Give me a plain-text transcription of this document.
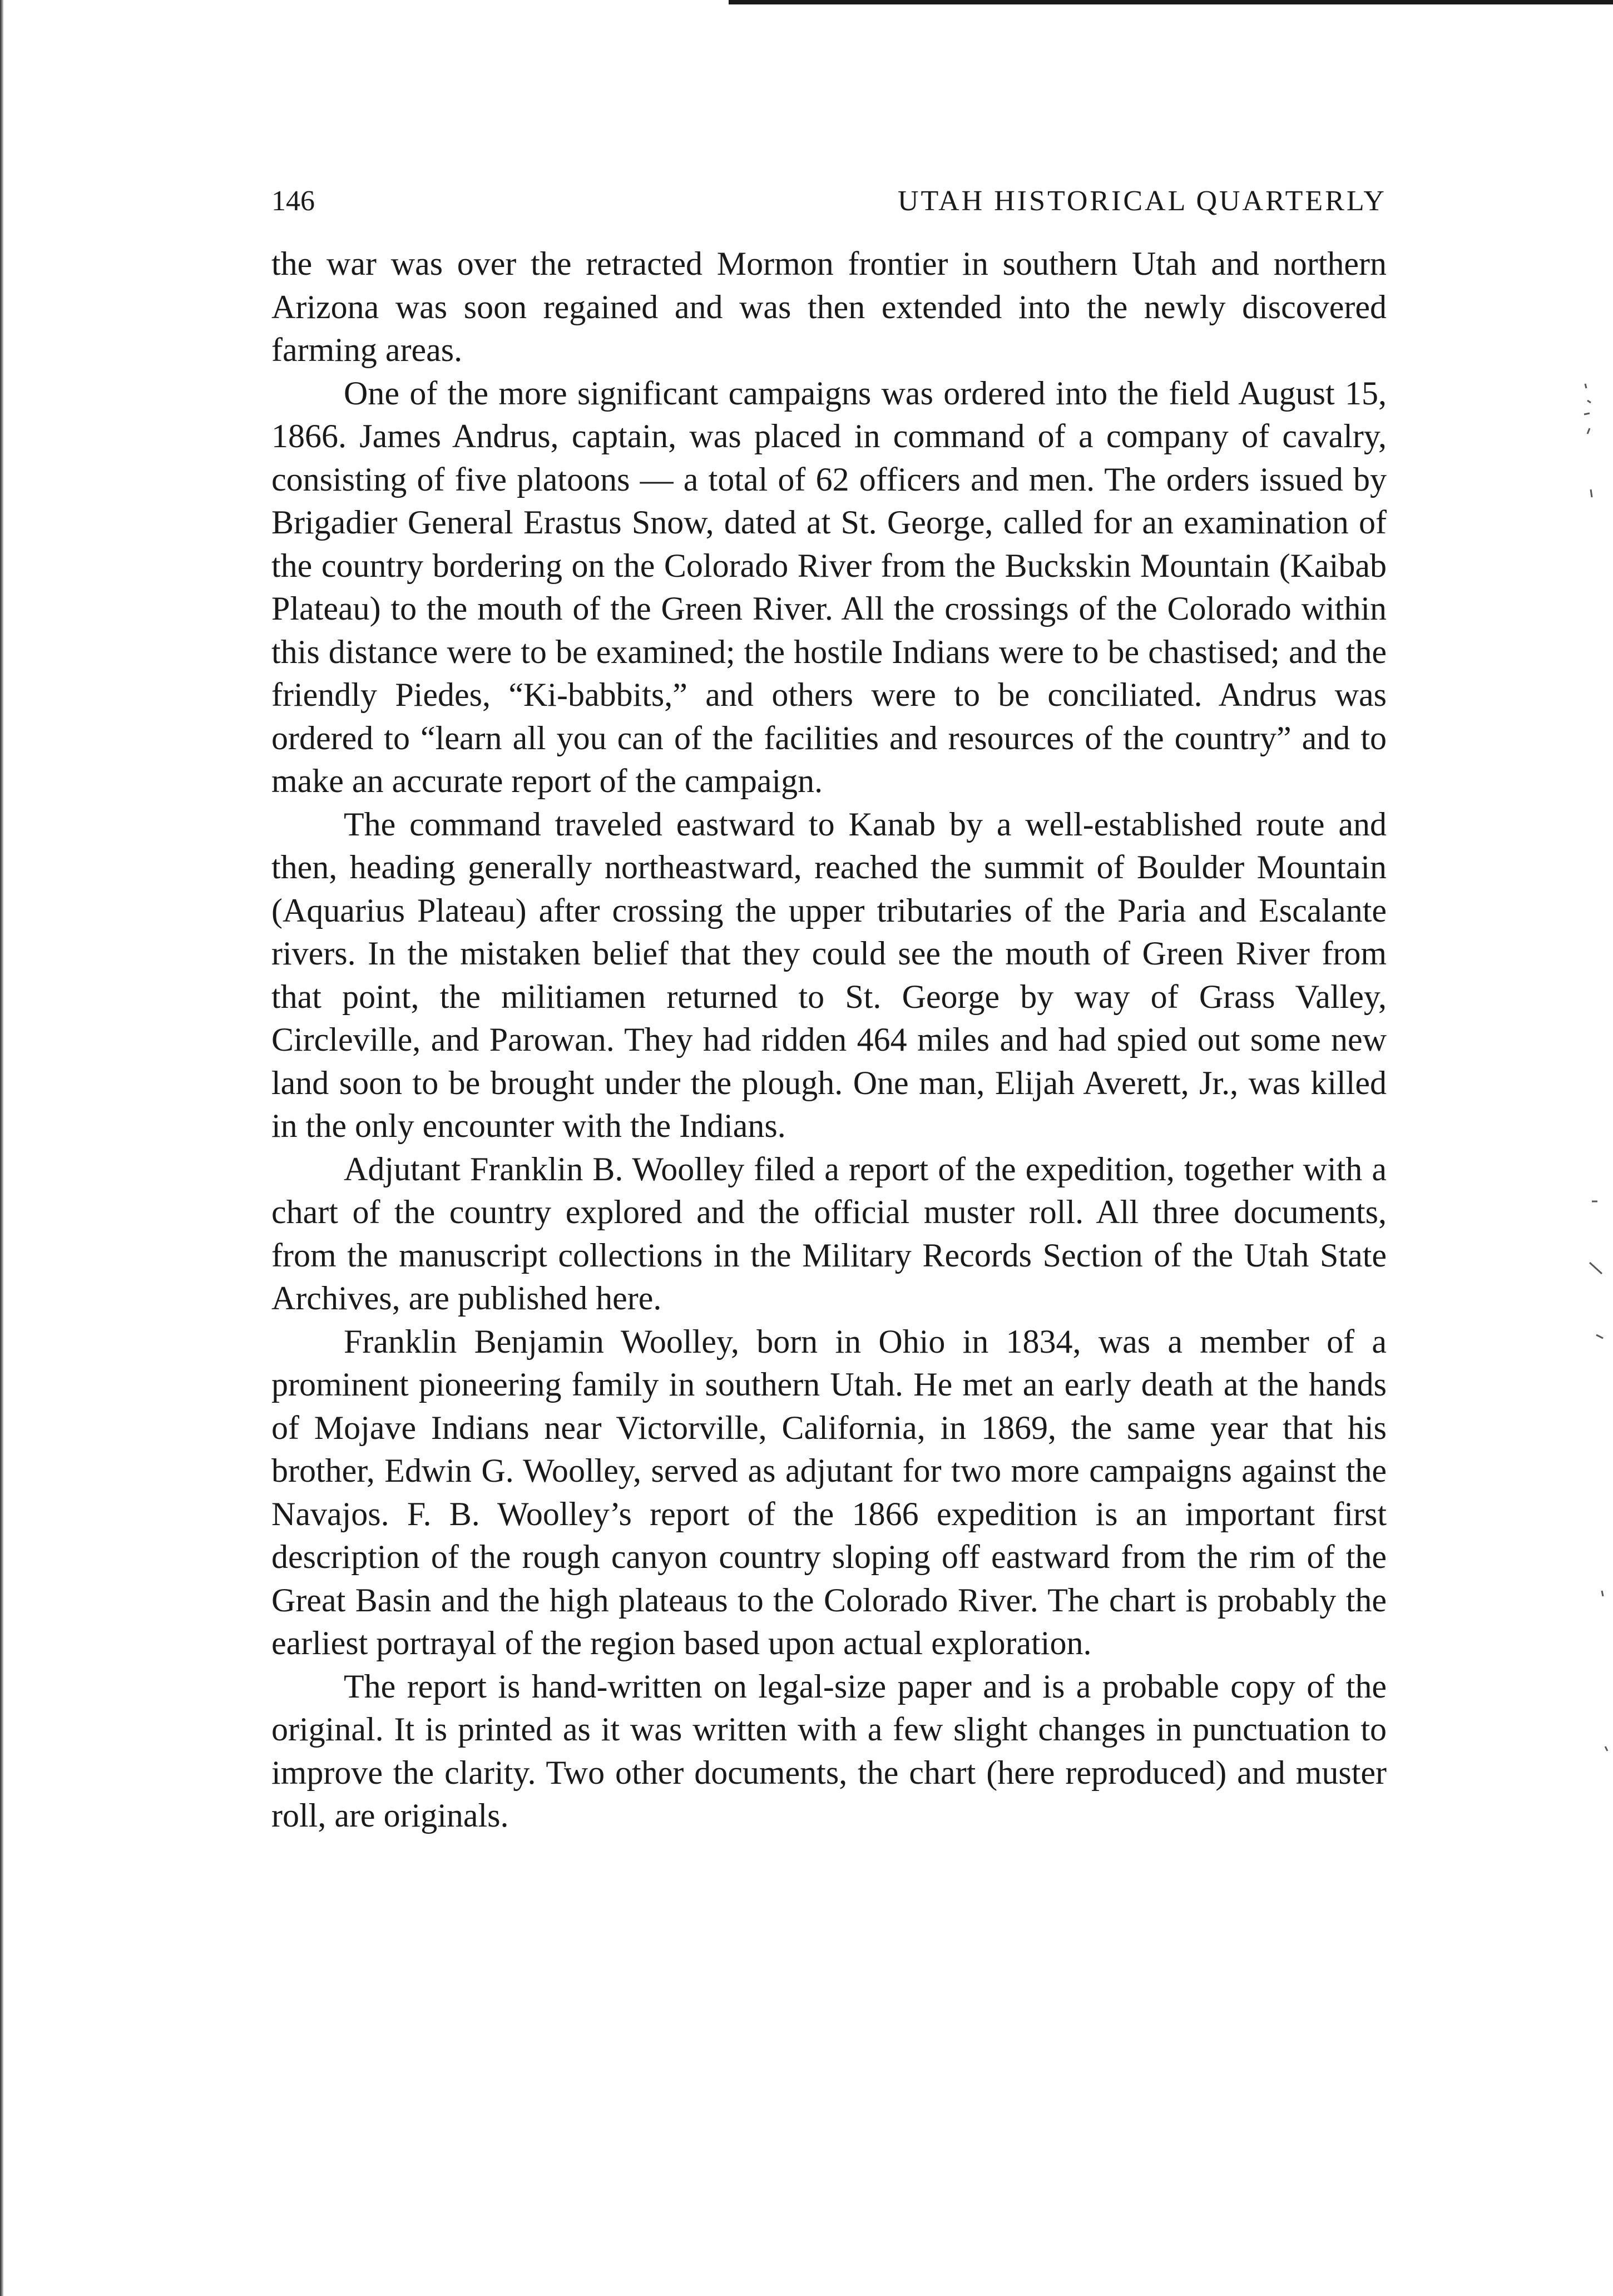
146	UTAH HISTORICAL QUARTERLY

the war was over the retracted Mormon frontier in southern Utah and northern Arizona was soon regained and was then extended into the newly discovered farming areas.

One of the more significant campaigns was ordered into the field August 15, 1866. James Andrus, captain, was placed in command of a company of cavalry, consisting of five platoons — a total of 62 officers and men. The orders issued by Brigadier General Erastus Snow, dated at St. George, called for an examination of the country bordering on the Colorado River from the Buckskin Mountain (Kaibab Plateau) to the mouth of the Green River. All the crossings of the Colorado within this distance were to be examined; the hostile Indians were to be chastised; and the friendly Piedes, “Ki-babbits,” and others were to be conciliated. Andrus was ordered to “learn all you can of the facilities and resources of the country” and to make an accurate report of the campaign.

The command traveled eastward to Kanab by a well-established route and then, heading generally northeastward, reached the summit of Boulder Mountain (Aquarius Plateau) after crossing the upper tributaries of the Paria and Escalante rivers. In the mistaken belief that they could see the mouth of Green River from that point, the militiamen returned to St. George by way of Grass Valley, Circleville, and Parowan. They had ridden 464 miles and had spied out some new land soon to be brought under the plough. One man, Elijah Averett, Jr., was killed in the only encounter with the Indians.

Adjutant Franklin B. Woolley filed a report of the expedition, together with a chart of the country explored and the official muster roll. All three documents, from the manuscript collections in the Military Records Section of the Utah State Archives, are published here.

Franklin Benjamin Woolley, born in Ohio in 1834, was a member of a prominent pioneering family in southern Utah. He met an early death at the hands of Mojave Indians near Victorville, California, in 1869, the same year that his brother, Edwin G. Woolley, served as adjutant for two more campaigns against the Navajos. F. B. Woolley’s report of the 1866 expedition is an important first description of the rough canyon country sloping off eastward from the rim of the Great Basin and the high plateaus to the Colorado River. The chart is probably the earliest portrayal of the region based upon actual exploration.

The report is hand-written on legal-size paper and is a probable copy of the original. It is printed as it was written with a few slight changes in punctuation to improve the clarity. Two other documents, the chart (here reproduced) and muster roll, are originals.
